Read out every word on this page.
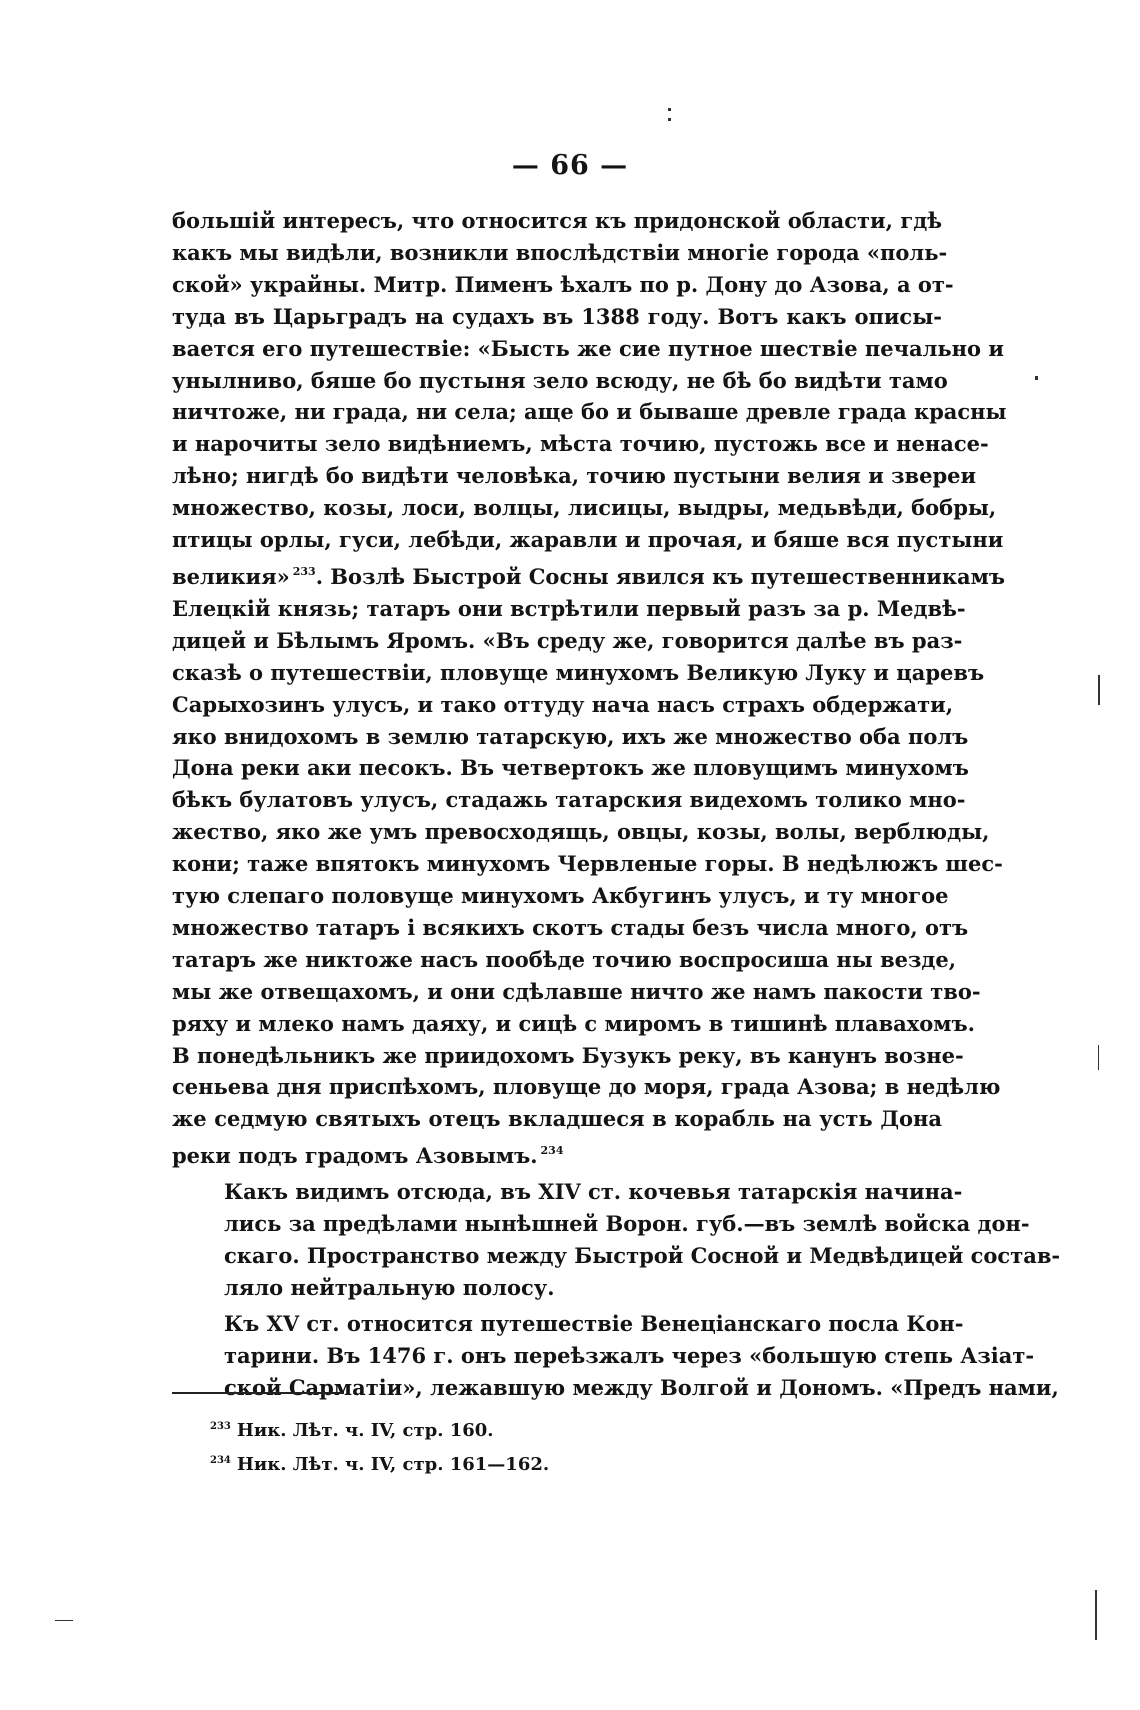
— 66 —
большій интересъ, что относится къ придонской области, гдѣ
какъ мы видѣли, возникли впослѣдствіи многіе города «поль-
ской» украйны. Митр. Пименъ ѣхалъ по р. Дону до Азова, а от-
туда въ Царьградъ на судахъ въ 1388 году. Вотъ какъ описы-
вается его путешествіе: «Бысть же сие путное шествіе печально и
унылниво, бяше бо пустыня зело всюду, не бѣ бо видѣти тамо
ничтоже, ни града, ни села; аще бо и бываше древле града красны
и нарочиты зело видѣниемъ, мѣста точию, пустожь все и ненасе-
лѣно; нигдѣ бо видѣти человѣка, точию пустыни велия и звереи
множество, козы, лоси, волцы, лисицы, выдры, медьвѣди, бобры,
птицы орлы, гуси, лебѣди, жаравли и прочая, и бяше вся пустыни
великия» $^{233}$. Возлѣ Быстрой Сосны явился къ путешественникамъ
Елецкій князь; татаръ они встрѣтили первый разъ за р. Медвѣ-
дицей и Бѣлымъ Яромъ. «Въ среду же, говорится далѣе въ раз-
сказѣ о путешествіи, пловуще минухомъ Великую Луку и царевъ
Сарыхозинъ улусъ, и тако оттуду нача насъ страхъ обдержати,
яко внидохомъ в землю татарскую, ихъ же множество оба полъ
Дона реки аки песокъ. Въ четвертокъ же пловущимъ минухомъ
бѣкъ булатовъ улусъ, стадажь татарския видехомъ толико мно-
жество, яко же умъ превосходящь, овцы, козы, волы, верблюды,
кони; таже впятокъ минухомъ Червленые горы. В недѣлюжъ шес-
тую слепаго половуще минухомъ Акбугинъ улусъ, и ту многое
множество татаръ і всякихъ скотъ стады безъ числа много, отъ
татаръ же никтоже насъ пообѣде точию воспросиша ны везде,
мы же отвещахомъ, и они сдѣлавше ничто же намъ пакости тво-
ряху и млеко намъ даяху, и сицѣ с миромъ в тишинѣ плавахомъ.
В понедѣльникъ же приидохомъ Бузукъ реку, въ канунъ возне-
сеньева дня приспѣхомъ, пловуще до моря, града Азова; в недѣлю
же седмую святыхъ отецъ вкладшеся в корабль на усть Дона
реки подъ градомъ Азовымъ. $^{234}$
Какъ видимъ отсюда, въ XIV ст. кочевья татарскія начина-
лись за предѣлами нынѣшней Ворон. губ.—въ землѣ войска дон-
скаго. Пространство между Быстрой Сосной и Медвѣдицей состав-
ляло нейтральную полосу.
Къ XV ст. относится путешествіе Венеціанскаго посла Кон-
тарини. Въ 1476 г. онъ переѣзжалъ через «большую степь Азіат-
ской Сарматіи», лежавшую между Волгой и Дономъ. «Предъ нами,
$^{233}$ Ник. Лѣт. ч. IV, стр. 160.
$^{234}$ Ник. Лѣт. ч. IV, стр. 161—162.
